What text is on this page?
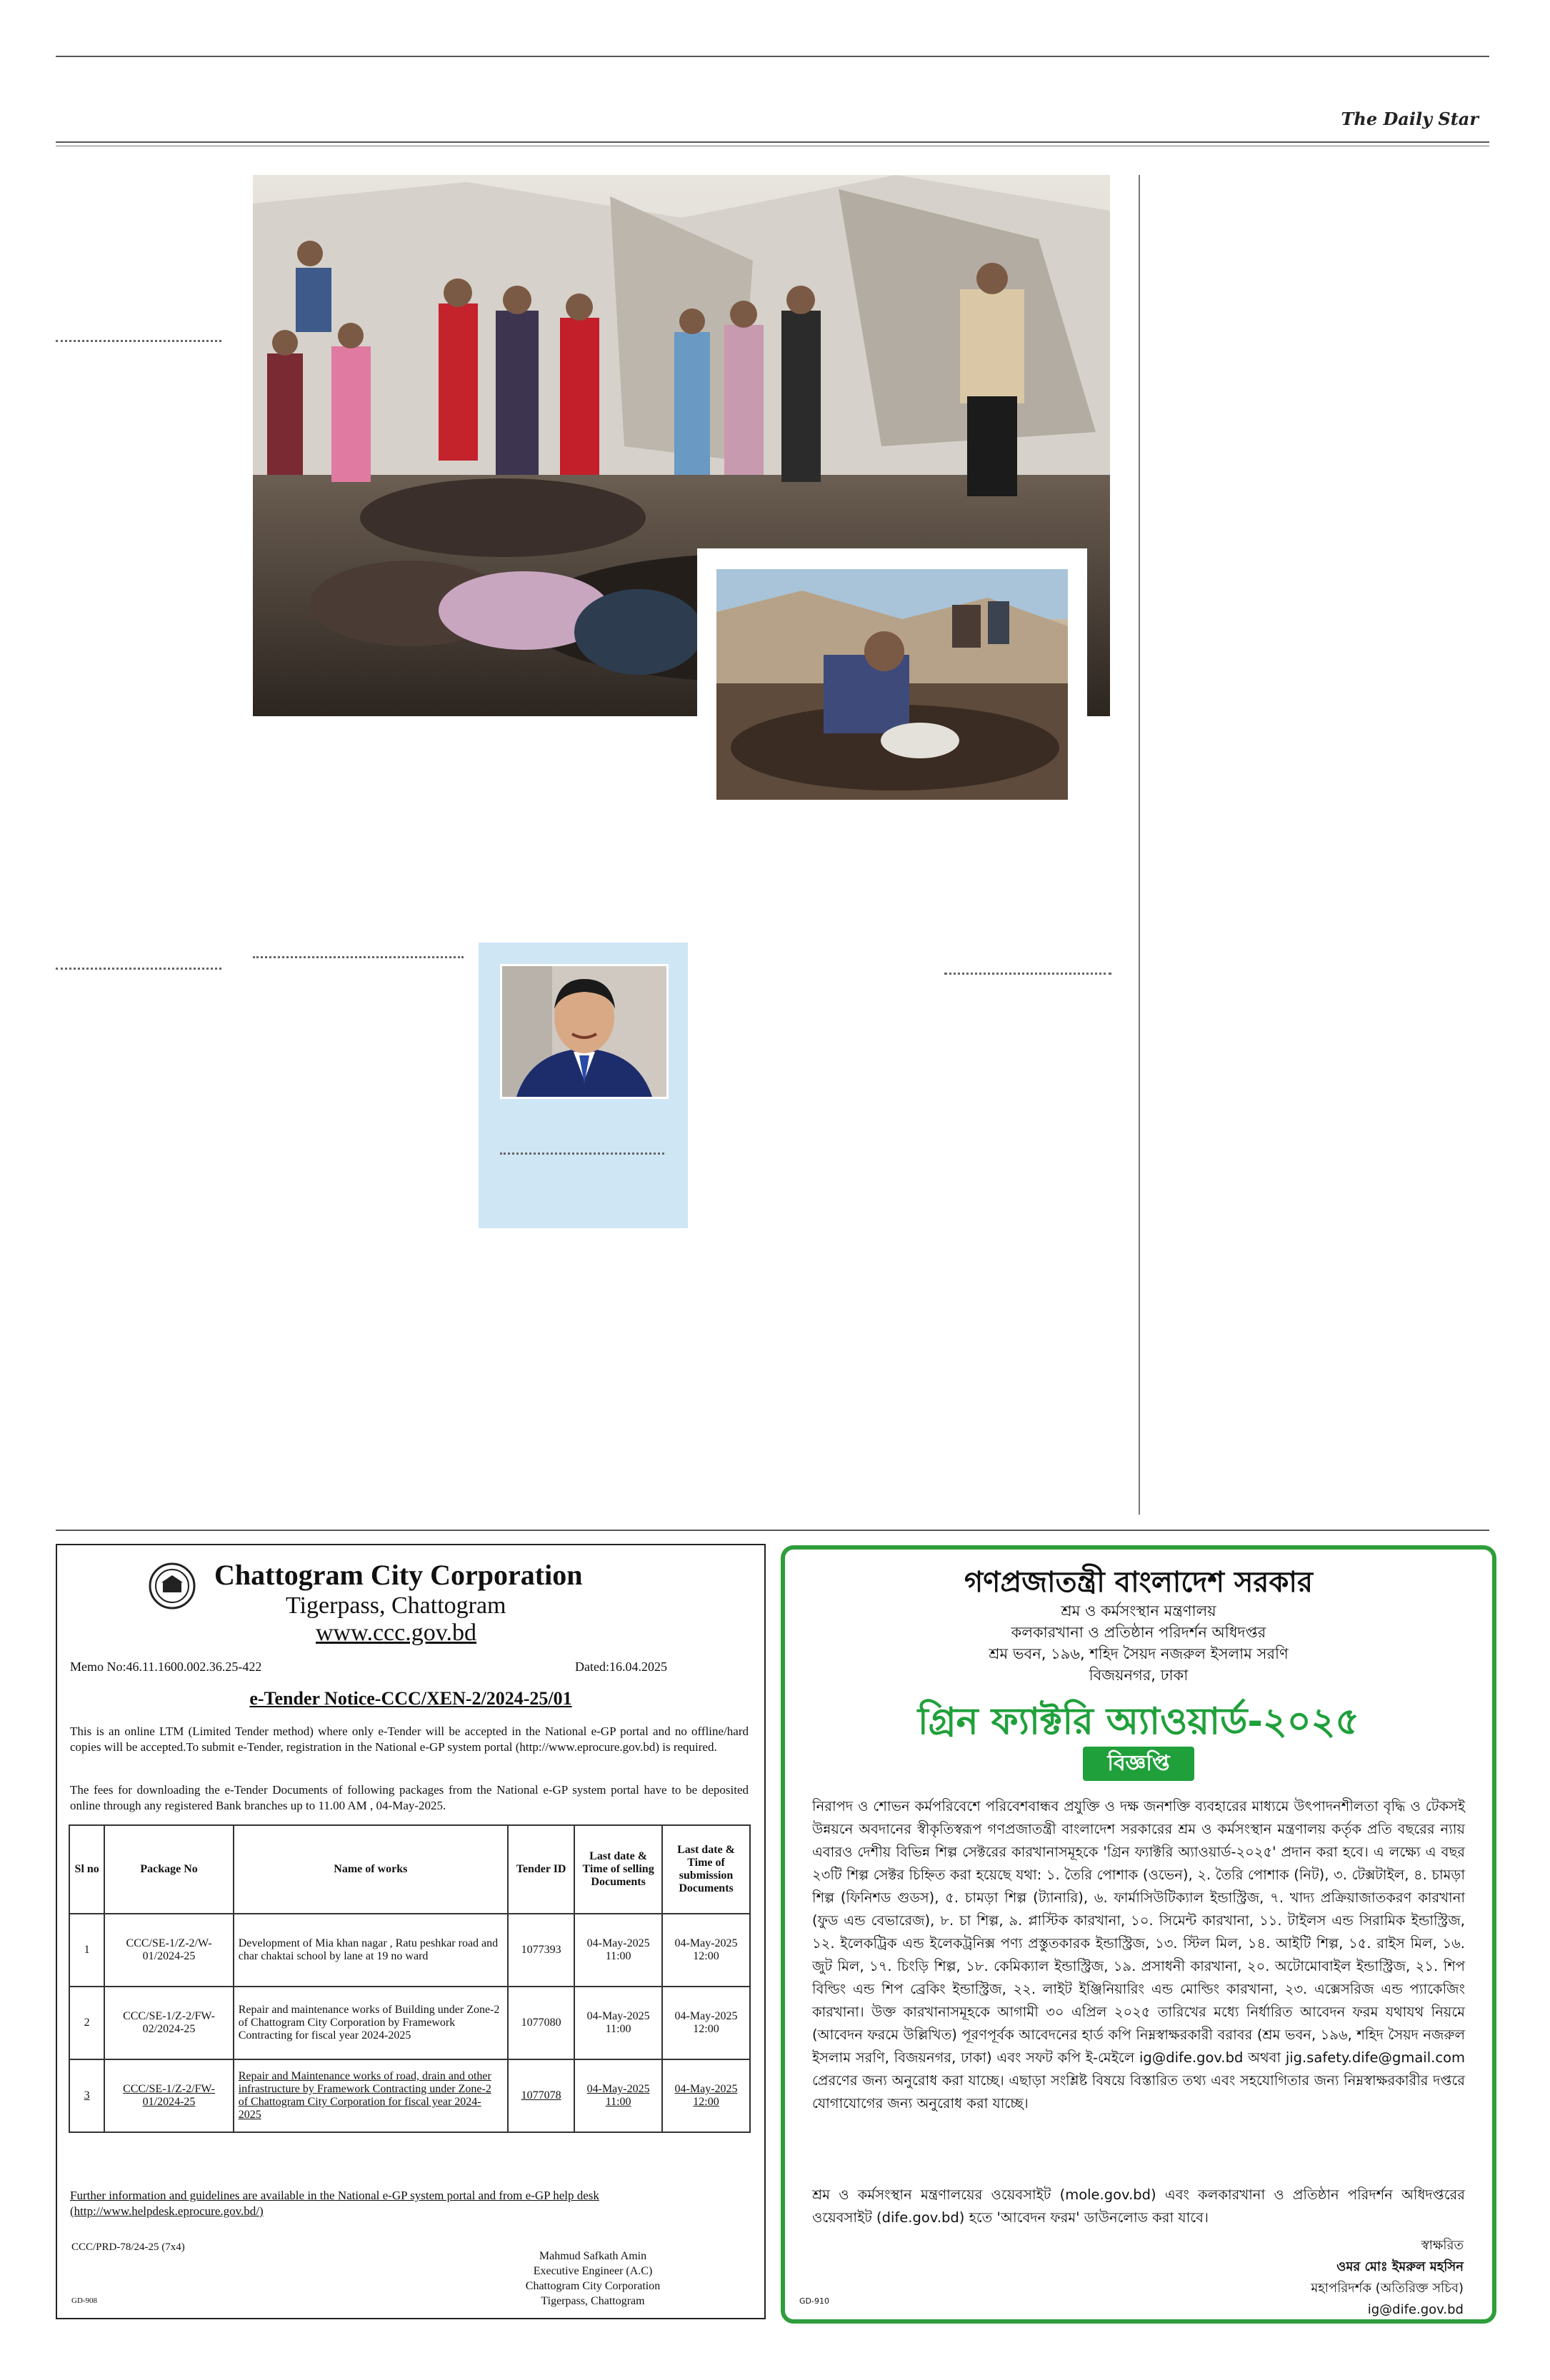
The Daily Star
Chattogram City Corporation
Tigerpass, Chattogram
www.ccc.gov.bd
Memo No:46.11.1600.002.36.25-422	Dated:16.04.2025
e-Tender Notice-CCC/XEN-2/2024-25/01
This is an online LTM (Limited Tender method) where only e-Tender will be accepted in the National e-GP portal and no offline/hard copies will be accepted.To submit e-Tender, registration in the National e-GP system portal (http://www.eprocure.gov.bd) is required.
The fees for downloading the e-Tender Documents of following packages from the National e-GP system portal have to be deposited online through any registered Bank branches up to 11.00 AM , 04-May-2025.
Sl no	Package No	Name of works	Tender ID	Last date & Time of selling Documents	Last date & Time of submission Documents
1	CCC/SE-1/Z-2/W-01/2024-25	Development of Mia khan nagar , Ratu peshkar road and char chaktai school by lane at 19 no ward	1077393	04-May-2025 11:00	04-May-2025 12:00
2	CCC/SE-1/Z-2/FW-02/2024-25	Repair and maintenance works of Building under Zone-2 of Chattogram City Corporation by Framework Contracting for fiscal year 2024-2025	1077080	04-May-2025 11:00	04-May-2025 12:00
3	CCC/SE-1/Z-2/FW-01/2024-25	Repair and Maintenance works of road, drain and other infrastructure by Framework Contracting under Zone-2 of Chattogram City Corporation for fiscal year 2024-2025	1077078	04-May-2025 11:00	04-May-2025 12:00
Further information and guidelines are available in the National e-GP system portal and from e-GP help desk (http://www.helpdesk.eprocure.gov.bd/)
CCC/PRD-78/24-25 (7x4)
Mahmud Safkath Amin
Executive Engineer (A.C)
Chattogram City Corporation
Tigerpass, Chattogram
GD-908
গণপ্রজাতন্ত্রী বাংলাদেশ সরকার
শ্রম ও কর্মসংস্থান মন্ত্রণালয়
কলকারখানা ও প্রতিষ্ঠান পরিদর্শন অধিদপ্তর
শ্রম ভবন, ১৯৬, শহিদ সৈয়দ নজরুল ইসলাম সরণি
বিজয়নগর, ঢাকা
গ্রিন ফ্যাক্টরি অ্যাওয়ার্ড-২০২৫
বিজ্ঞপ্তি
নিরাপদ ও শোভন কর্মপরিবেশে পরিবেশবান্ধব প্রযুক্তি ও দক্ষ জনশক্তি ব্যবহারের মাধ্যমে উৎপাদনশীলতা বৃদ্ধি ও টেকসই উন্নয়নে অবদানের স্বীকৃতিস্বরূপ গণপ্রজাতন্ত্রী বাংলাদেশ সরকারের শ্রম ও কর্মসংস্থান মন্ত্রণালয় কর্তৃক প্রতি বছরের ন্যায় এবারও দেশীয় বিভিন্ন শিল্প সেক্টরের কারখানাসমূহকে 'গ্রিন ফ্যাক্টরি অ্যাওয়ার্ড-২০২৫' প্রদান করা হবে। এ লক্ষ্যে এ বছর ২৩টি শিল্প সেক্টর চিহ্নিত করা হয়েছে যথা: ১. তৈরি পোশাক (ওভেন), ২. তৈরি পোশাক (নিট), ৩. টেক্সটাইল, ৪. চামড়া শিল্প (ফিনিশড গুডস), ৫. চামড়া শিল্প (ট্যানারি), ৬. ফার্মাসিউটিক্যাল ইন্ডাস্ট্রিজ, ৭. খাদ্য প্রক্রিয়াজাতকরণ কারখানা (ফুড এন্ড বেভারেজ), ৮. চা শিল্প, ৯. প্লাস্টিক কারখানা, ১০. সিমেন্ট কারখানা, ১১. টাইলস এন্ড সিরামিক ইন্ডাস্ট্রিজ, ১২. ইলেকট্রিক এন্ড ইলেকট্রনিক্স পণ্য প্রস্তুতকারক ইন্ডাস্ট্রিজ, ১৩. স্টিল মিল, ১৪. আইটি শিল্প, ১৫. রাইস মিল, ১৬. জুট মিল, ১৭. চিংড়ি শিল্প, ১৮. কেমিক্যাল ইন্ডাস্ট্রিজ, ১৯. প্রসাধনী কারখানা, ২০. অটোমোবাইল ইন্ডাস্ট্রিজ, ২১. শিপ বিল্ডিং এন্ড শিপ ব্রেকিং ইন্ডাস্ট্রিজ, ২২. লাইট ইঞ্জিনিয়ারিং এন্ড মোল্ডিং কারখানা, ২৩. এক্সেসরিজ এন্ড প্যাকেজিং কারখানা। উক্ত কারখানাসমূহকে আগামী ৩০ এপ্রিল ২০২৫ তারিখের মধ্যে নির্ধারিত আবেদন ফরম যথাযথ নিয়মে (আবেদন ফরমে উল্লিখিত) পূরণপূর্বক আবেদনের হার্ড কপি নিম্নস্বাক্ষরকারী বরাবর (শ্রম ভবন, ১৯৬, শহিদ সৈয়দ নজরুল ইসলাম সরণি, বিজয়নগর, ঢাকা) এবং সফট কপি ই-মেইলে ig@dife.gov.bd অথবা jig.safety.dife@gmail.com প্রেরণের জন্য অনুরোধ করা যাচ্ছে। এছাড়া সংশ্লিষ্ট বিষয়ে বিস্তারিত তথ্য এবং সহযোগিতার জন্য নিম্নস্বাক্ষরকারীর দপ্তরে যোগাযোগের জন্য অনুরোধ করা যাচ্ছে।
শ্রম ও কর্মসংস্থান মন্ত্রণালয়ের ওয়েবসাইট (mole.gov.bd) এবং কলকারখানা ও প্রতিষ্ঠান পরিদর্শন অধিদপ্তরের ওয়েবসাইট (dife.gov.bd) হতে 'আবেদন ফরম' ডাউনলোড করা যাবে।
স্বাক্ষরিত
ওমর মোঃ ইমরুল মহসিন
মহাপরিদর্শক (অতিরিক্ত সচিব)
ig@dife.gov.bd
GD-910
